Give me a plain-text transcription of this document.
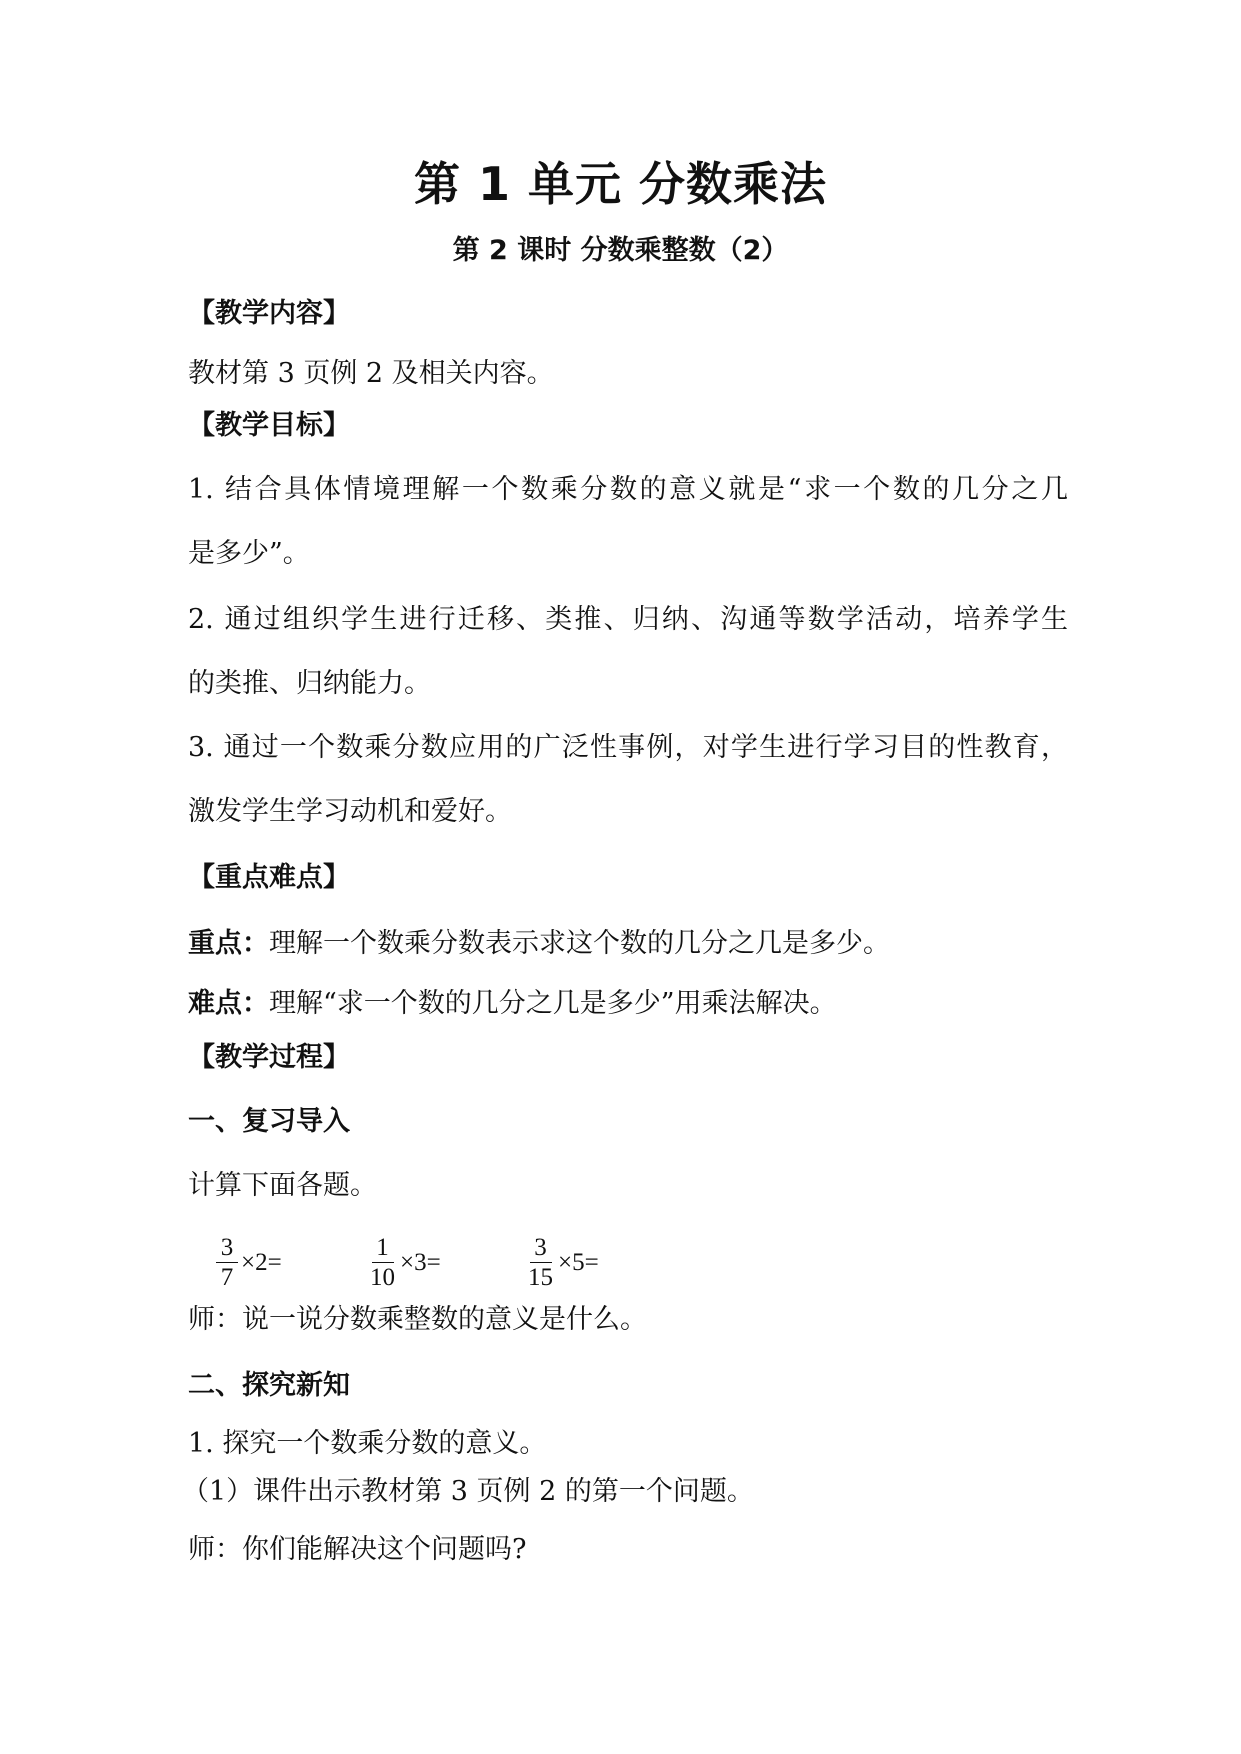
第 1 单元 分数乘法
第 2 课时 分数乘整数（2）
【教学内容】
教材第 3 页例 2 及相关内容。
【教学目标】
1. 结合具体情境理解一个数乘分数的意义就是“求一个数的几分之几
是多少”。
2. 通过组织学生进行迁移、类推、归纳、沟通等数学活动，培养学生
的类推、归纳能力。
3. 通过一个数乘分数应用的广泛性事例，对学生进行学习目的性教育，
激发学生学习动机和爱好。
【重点难点】
重点：理解一个数乘分数表示求这个数的几分之几是多少。
难点：理解“求一个数的几分之几是多少”用乘法解决。
【教学过程】
一、复习导入
计算下面各题。
$\frac{3}{7} \times 2=$	$\frac{1}{10} \times 3=$	$\frac{3}{15} \times 5=$
师：说一说分数乘整数的意义是什么。
二、探究新知
1. 探究一个数乘分数的意义。
（1）课件出示教材第 3 页例 2 的第一个问题。
师：你们能解决这个问题吗?
